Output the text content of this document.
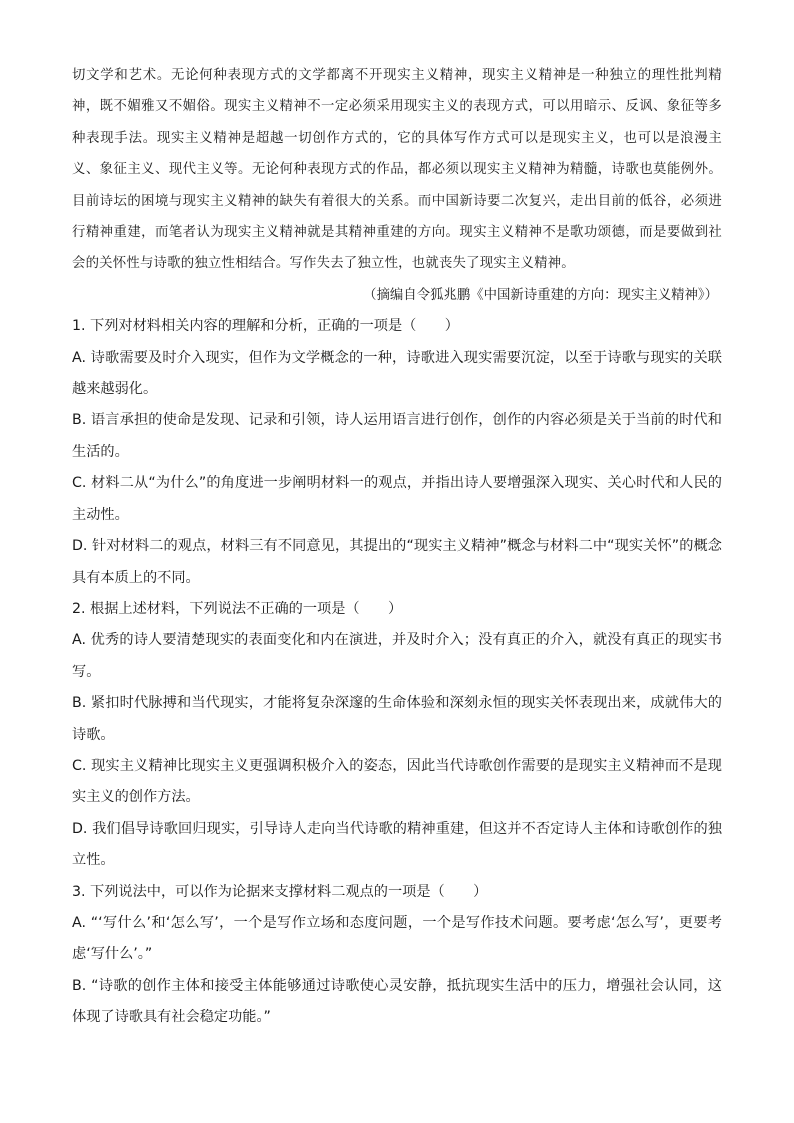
切文学和艺术。无论何种表现方式的文学都离不开现实主义精神，现实主义精神是一种独立的理性批判精神，既不媚雅又不媚俗。现实主义精神不一定必须采用现实主义的表现方式，可以用暗示、反讽、象征等多种表现手法。现实主义精神是超越一切创作方式的，它的具体写作方式可以是现实主义，也可以是浪漫主义、象征主义、现代主义等。无论何种表现方式的作品，都必须以现实主义精神为精髓，诗歌也莫能例外。目前诗坛的困境与现实主义精神的缺失有着很大的关系。而中国新诗要二次复兴，走出目前的低谷，必须进行精神重建，而笔者认为现实主义精神就是其精神重建的方向。现实主义精神不是歌功颂德，而是要做到社会的关怀性与诗歌的独立性相结合。写作失去了独立性，也就丧失了现实主义精神。

（摘编自令狐兆鹏《中国新诗重建的方向：现实主义精神》）

1. 下列对材料相关内容的理解和分析，正确的一项是（　　）

A. 诗歌需要及时介入现实，但作为文学概念的一种，诗歌进入现实需要沉淀，以至于诗歌与现实的关联越来越弱化。

B. 语言承担的使命是发现、记录和引领，诗人运用语言进行创作，创作的内容必须是关于当前的时代和生活的。

C. 材料二从“为什么”的角度进一步阐明材料一的观点，并指出诗人要增强深入现实、关心时代和人民的主动性。

D. 针对材料二的观点，材料三有不同意见，其提出的“现实主义精神”概念与材料二中“现实关怀”的概念具有本质上的不同。

2. 根据上述材料，下列说法不正确的一项是（　　）

A. 优秀的诗人要清楚现实的表面变化和内在演进，并及时介入；没有真正的介入，就没有真正的现实书写。

B. 紧扣时代脉搏和当代现实，才能将复杂深邃的生命体验和深刻永恒的现实关怀表现出来，成就伟大的诗歌。

C. 现实主义精神比现实主义更强调积极介入的姿态，因此当代诗歌创作需要的是现实主义精神而不是现实主义的创作方法。

D. 我们倡导诗歌回归现实，引导诗人走向当代诗歌的精神重建，但这并不否定诗人主体和诗歌创作的独立性。

3. 下列说法中，可以作为论据来支撑材料二观点的一项是（　　）

A. “‘写什么’和‘怎么写’，一个是写作立场和态度问题，一个是写作技术问题。要考虑‘怎么写’，更要考虑‘写什么’。”

B. “诗歌的创作主体和接受主体能够通过诗歌使心灵安静，抵抗现实生活中的压力，增强社会认同，这体现了诗歌具有社会稳定功能。”
